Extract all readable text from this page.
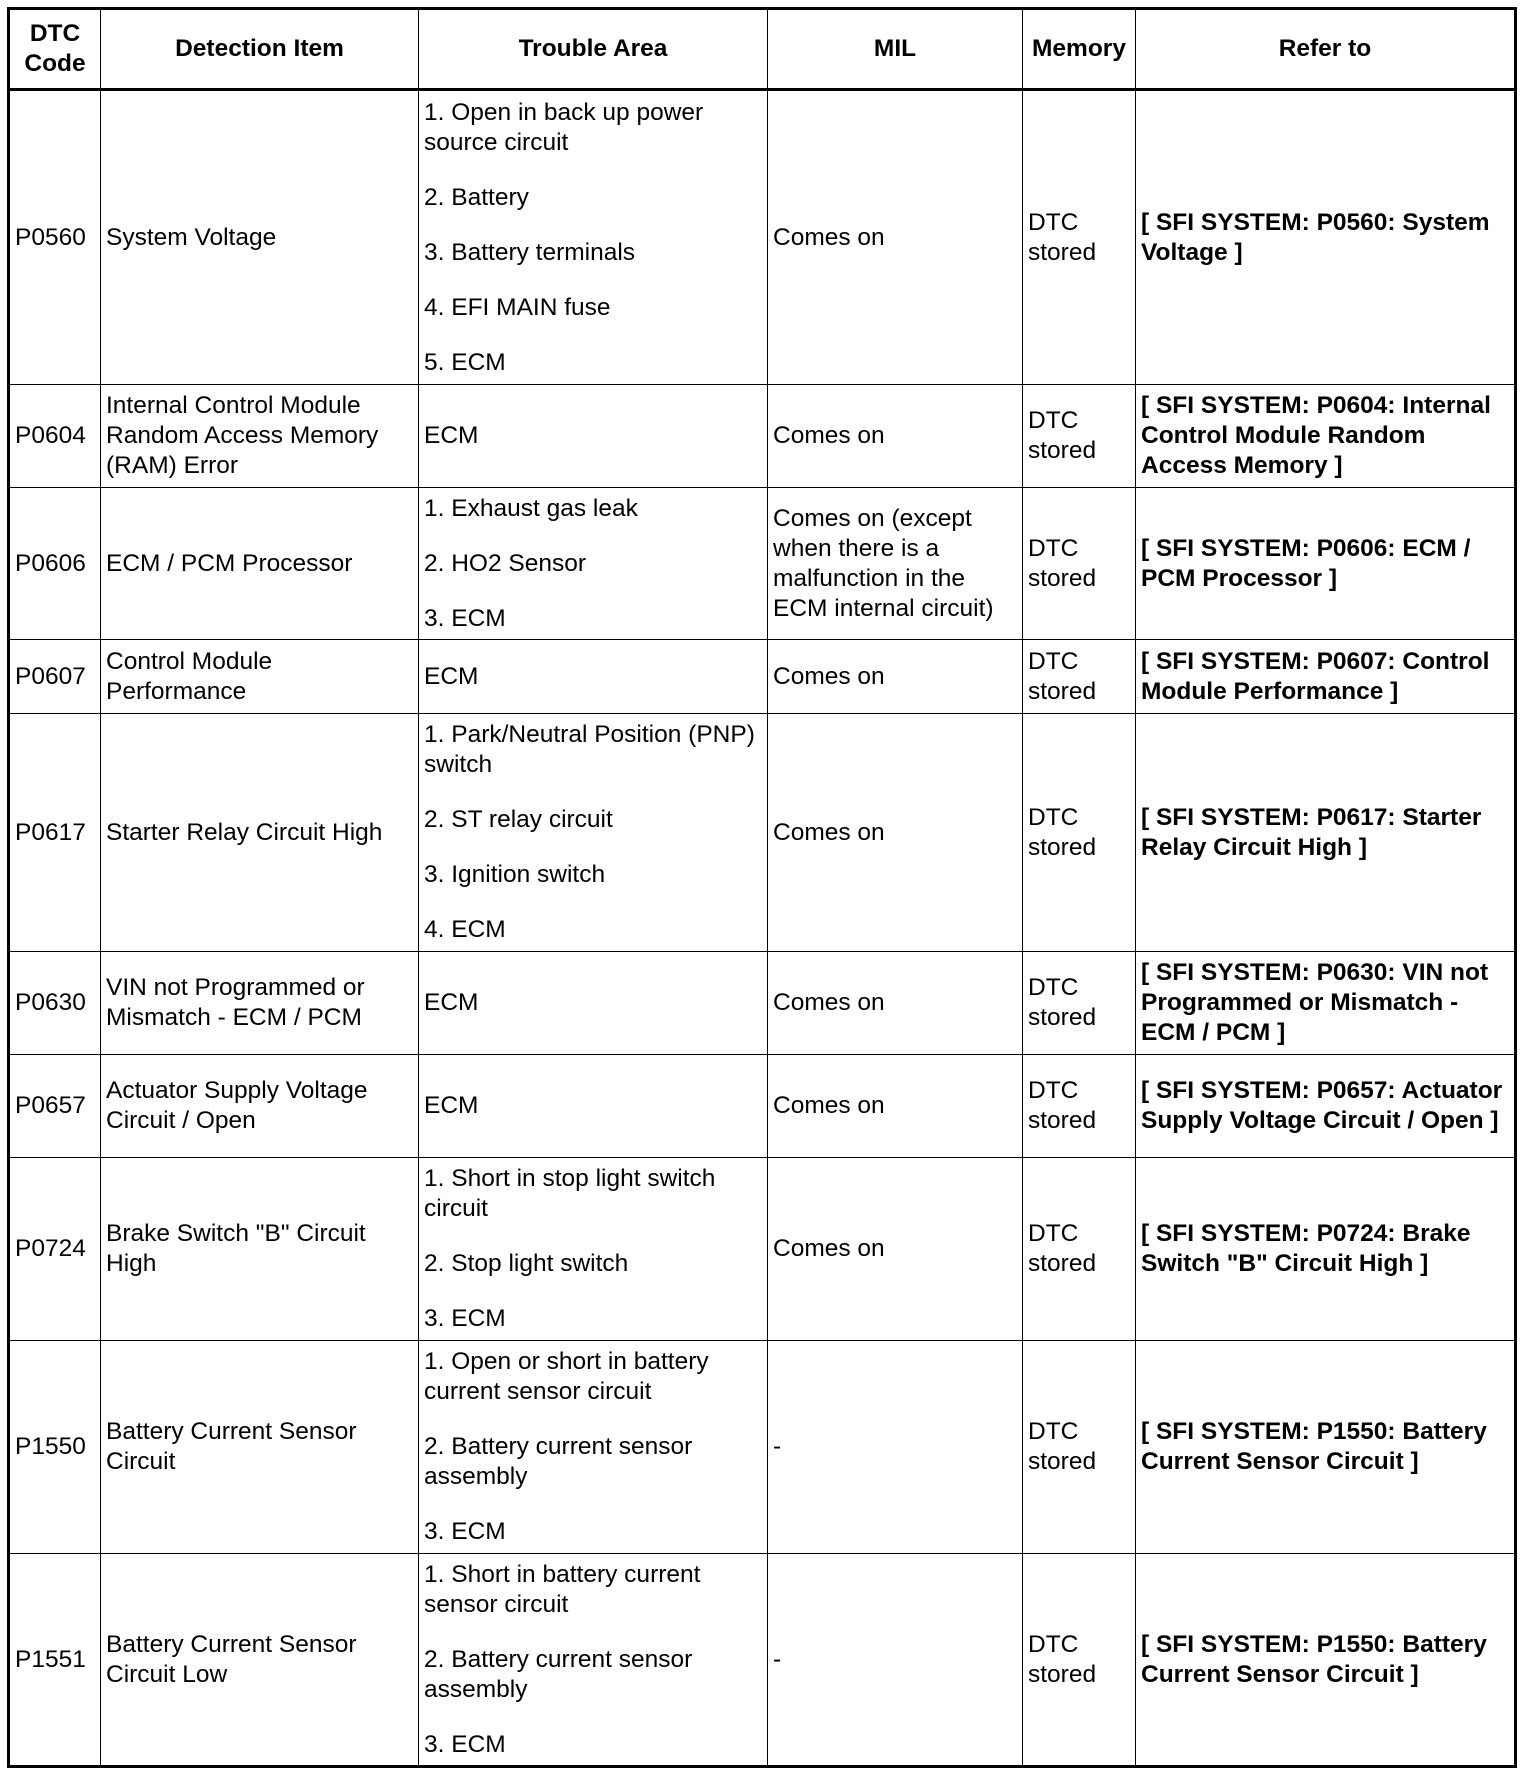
DTC Code	Detection Item	Trouble Area	MIL	Memory	Refer to
P0560	System Voltage	1. Open in back up power source circuit
2. Battery
3. Battery terminals
4. EFI MAIN fuse
5. ECM	Comes on	DTC stored	[ SFI SYSTEM: P0560: System Voltage ]
P0604	Internal Control Module Random Access Memory (RAM) Error	ECM	Comes on	DTC stored	[ SFI SYSTEM: P0604: Internal Control Module Random Access Memory ]
P0606	ECM / PCM Processor	1. Exhaust gas leak
2. HO2 Sensor
3. ECM	Comes on (except when there is a malfunction in the ECM internal circuit)	DTC stored	[ SFI SYSTEM: P0606: ECM / PCM Processor ]
P0607	Control Module Performance	ECM	Comes on	DTC stored	[ SFI SYSTEM: P0607: Control Module Performance ]
P0617	Starter Relay Circuit High	1. Park/Neutral Position (PNP) switch
2. ST relay circuit
3. Ignition switch
4. ECM	Comes on	DTC stored	[ SFI SYSTEM: P0617: Starter Relay Circuit High ]
P0630	VIN not Programmed or Mismatch - ECM / PCM	ECM	Comes on	DTC stored	[ SFI SYSTEM: P0630: VIN not Programmed or Mismatch - ECM / PCM ]
P0657	Actuator Supply Voltage Circuit / Open	ECM	Comes on	DTC stored	[ SFI SYSTEM: P0657: Actuator Supply Voltage Circuit / Open ]
P0724	Brake Switch "B" Circuit High	1. Short in stop light switch circuit
2. Stop light switch
3. ECM	Comes on	DTC stored	[ SFI SYSTEM: P0724: Brake Switch "B" Circuit High ]
P1550	Battery Current Sensor Circuit	1. Open or short in battery current sensor circuit
2. Battery current sensor assembly
3. ECM	-	DTC stored	[ SFI SYSTEM: P1550: Battery Current Sensor Circuit ]
P1551	Battery Current Sensor Circuit Low	1. Short in battery current sensor circuit
2. Battery current sensor assembly
3. ECM	-	DTC stored	[ SFI SYSTEM: P1550: Battery Current Sensor Circuit ]
